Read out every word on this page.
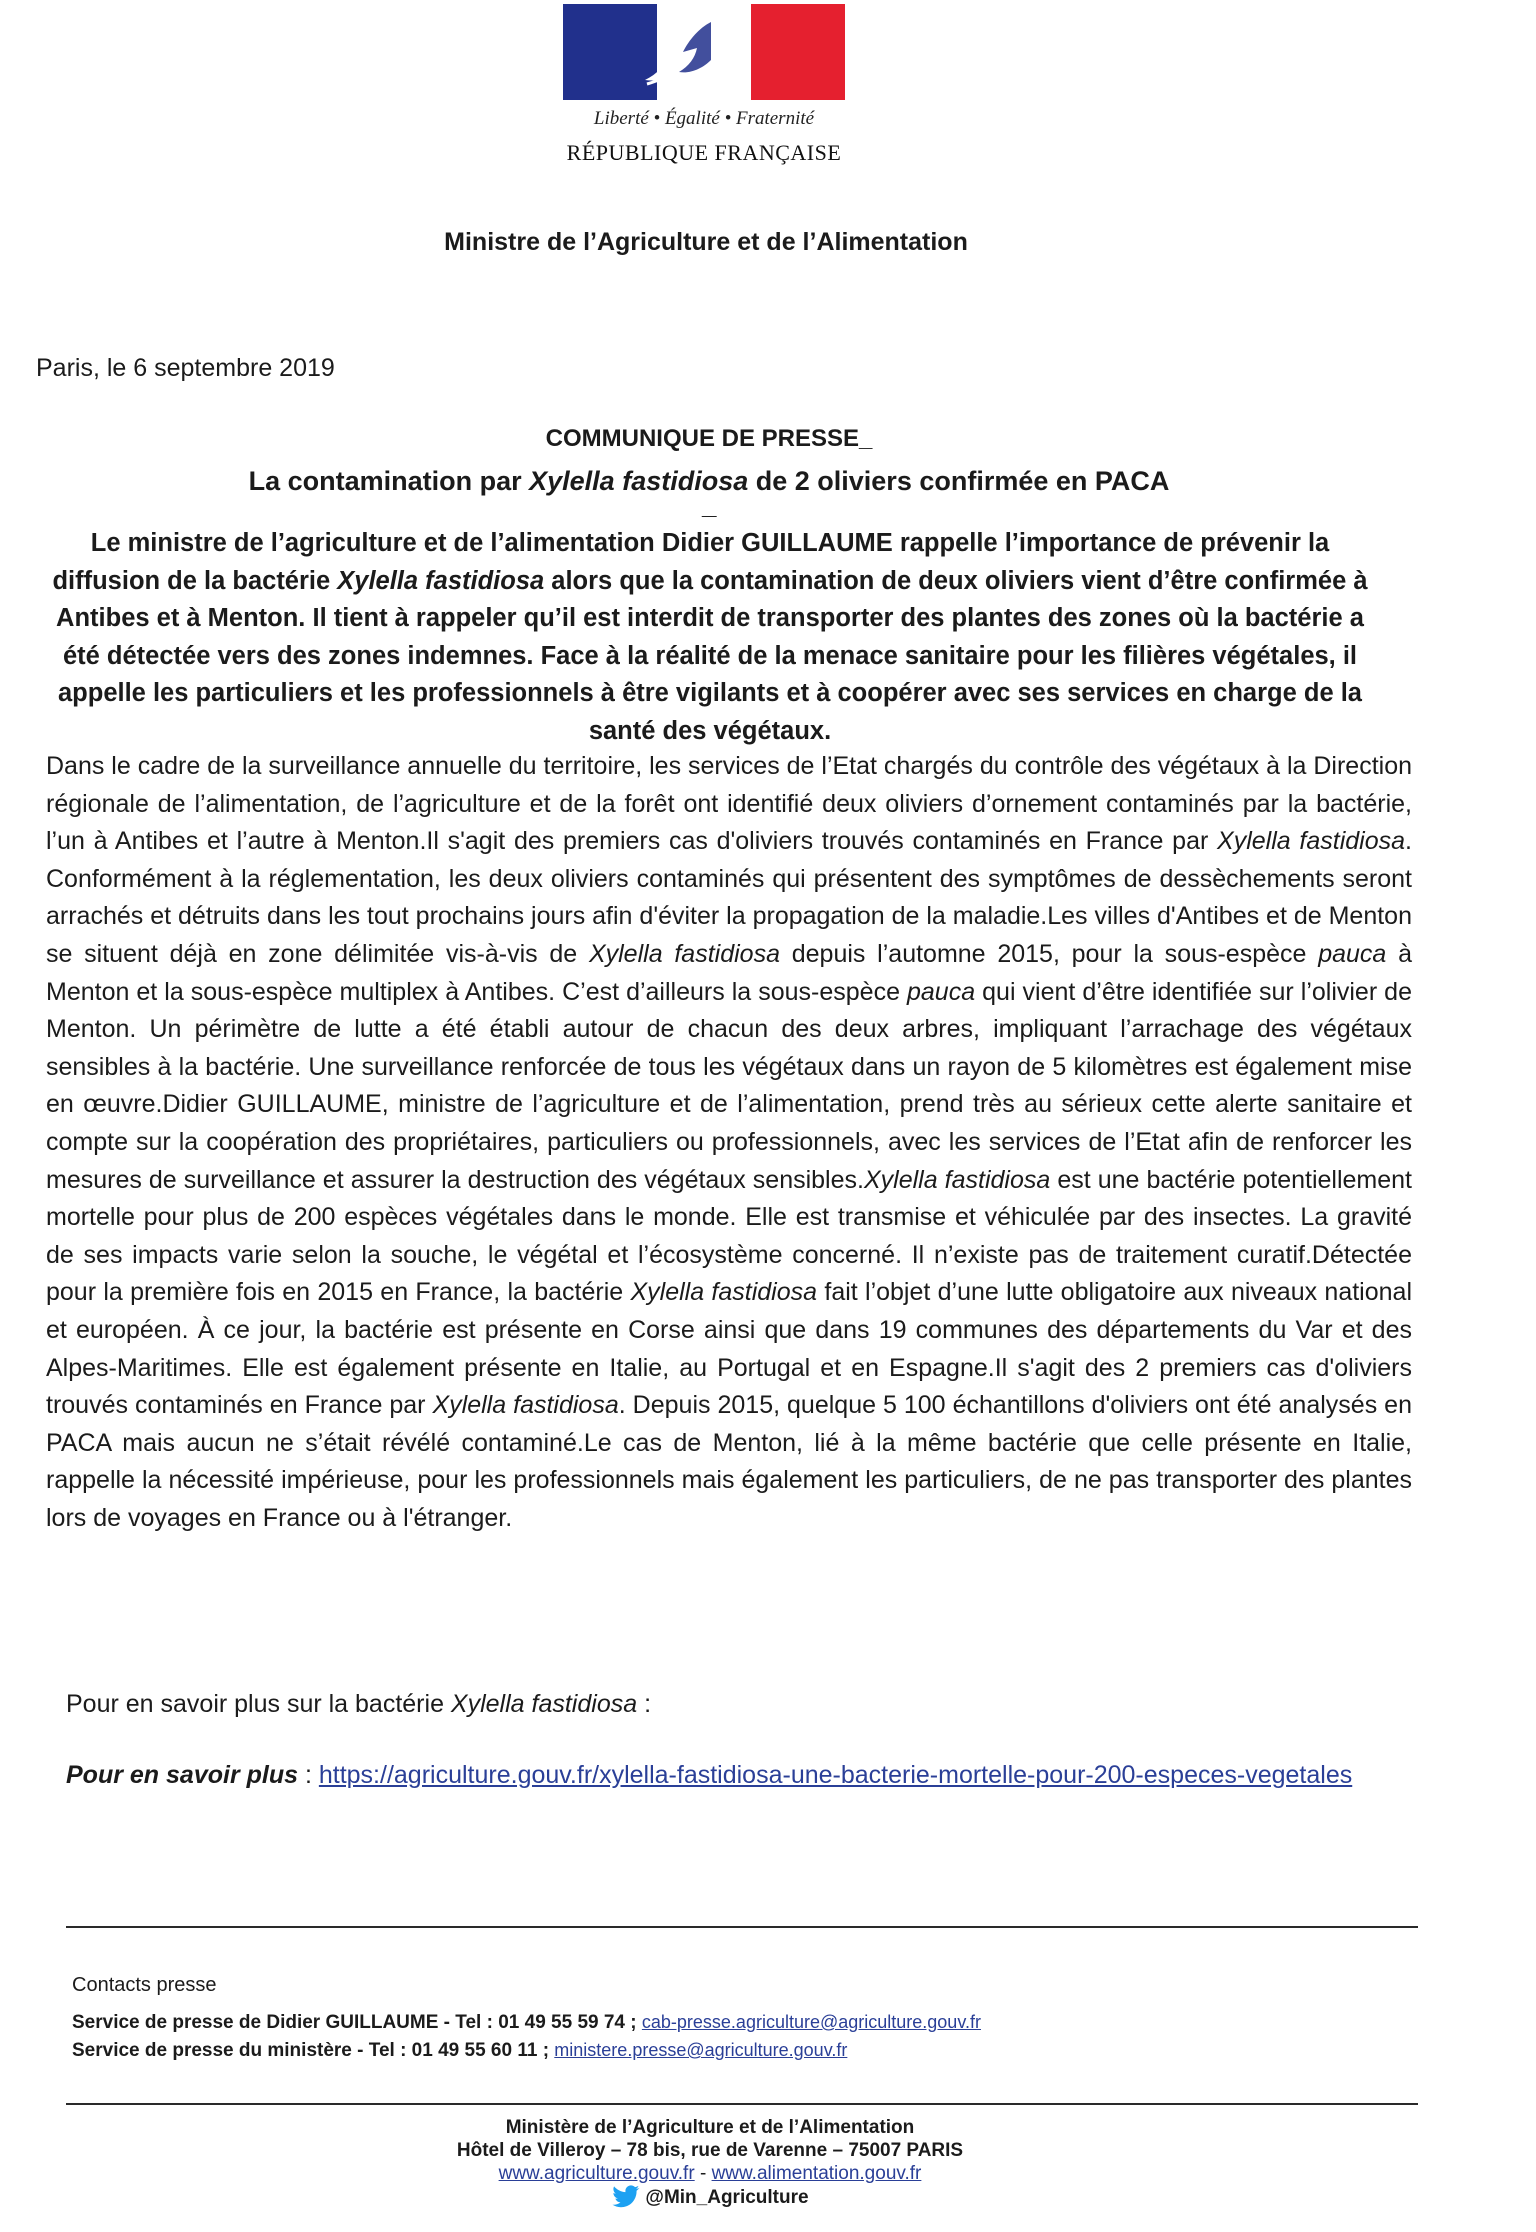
Liberté • Égalité • Fraternité
RÉPUBLIQUE FRANÇAISE
Ministre de l’Agriculture et de l’Alimentation
Paris, le 6 septembre 2019
COMMUNIQUE DE PRESSE_
La contamination par Xylella fastidiosa de 2 oliviers confirmée en PACA
_
Le ministre de l’agriculture et de l’alimentation Didier GUILLAUME rappelle l’importance de prévenir la diffusion de la bactérie Xylella fastidiosa alors que la contamination de deux oliviers vient d’être confirmée à Antibes et à Menton. Il tient à rappeler qu’il est interdit de transporter des plantes des zones où la bactérie a été détectée vers des zones indemnes. Face à la réalité de la menace sanitaire pour les filières végétales, il appelle les particuliers et les professionnels à être vigilants et à coopérer avec ses services en charge de la santé des végétaux.
Dans le cadre de la surveillance annuelle du territoire, les services de l’Etat chargés du contrôle des végétaux à la Direction régionale de l’alimentation, de l’agriculture et de la forêt ont identifié deux oliviers d’ornement contaminés par la bactérie, l’un à Antibes et l’autre à Menton.Il s'agit des premiers cas d'oliviers trouvés contaminés en France par Xylella fastidiosa. Conformément à la réglementation, les deux oliviers contaminés qui présentent des symptômes de dessèchements seront arrachés et détruits dans les tout prochains jours afin d'éviter la propagation de la maladie.Les villes d'Antibes et de Menton se situent déjà en zone délimitée vis-à-vis de Xylella fastidiosa depuis l’automne 2015, pour la sous-espèce pauca à Menton et la sous-espèce multiplex à Antibes. C’est d’ailleurs la sous-espèce pauca qui vient d’être identifiée sur l’olivier de Menton. Un périmètre de lutte a été établi autour de chacun des deux arbres, impliquant l’arrachage des végétaux sensibles à la bactérie. Une surveillance renforcée de tous les végétaux dans un rayon de 5 kilomètres est également mise en œuvre.Didier GUILLAUME, ministre de l’agriculture et de l’alimentation, prend très au sérieux cette alerte sanitaire et compte sur la coopération des propriétaires, particuliers ou professionnels, avec les services de l’Etat afin de renforcer les mesures de surveillance et assurer la destruction des végétaux sensibles.Xylella fastidiosa est une bactérie potentiellement mortelle pour plus de 200 espèces végétales dans le monde. Elle est transmise et véhiculée par des insectes. La gravité de ses impacts varie selon la souche, le végétal et l’écosystème concerné. Il n’existe pas de traitement curatif.Détectée pour la première fois en 2015 en France, la bactérie Xylella fastidiosa fait l’objet d’une lutte obligatoire aux niveaux national et européen. À ce jour, la bactérie est présente en Corse ainsi que dans 19 communes des départements du Var et des Alpes-Maritimes. Elle est également présente en Italie, au Portugal et en Espagne.Il s'agit des 2 premiers cas d'oliviers trouvés contaminés en France par Xylella fastidiosa. Depuis 2015, quelque 5 100 échantillons d'oliviers ont été analysés en PACA mais aucun ne s’était révélé contaminé.Le cas de Menton, lié à la même bactérie que celle présente en Italie, rappelle la nécessité impérieuse, pour les professionnels mais également les particuliers, de ne pas transporter des plantes lors de voyages en France ou à l'étranger.
Pour en savoir plus sur la bactérie Xylella fastidiosa :
Pour en savoir plus : https://agriculture.gouv.fr/xylella-fastidiosa-une-bacterie-mortelle-pour-200-especes-vegetales
Contacts presse
Service de presse de Didier GUILLAUME - Tel : 01 49 55 59 74 ; cab-presse.agriculture@agriculture.gouv.fr
Service de presse du ministère - Tel : 01 49 55 60 11 ; ministere.presse@agriculture.gouv.fr
Ministère de l’Agriculture et de l’Alimentation
Hôtel de Villeroy – 78 bis, rue de Varenne – 75007 PARIS
www.agriculture.gouv.fr - www.alimentation.gouv.fr
@Min_Agriculture
